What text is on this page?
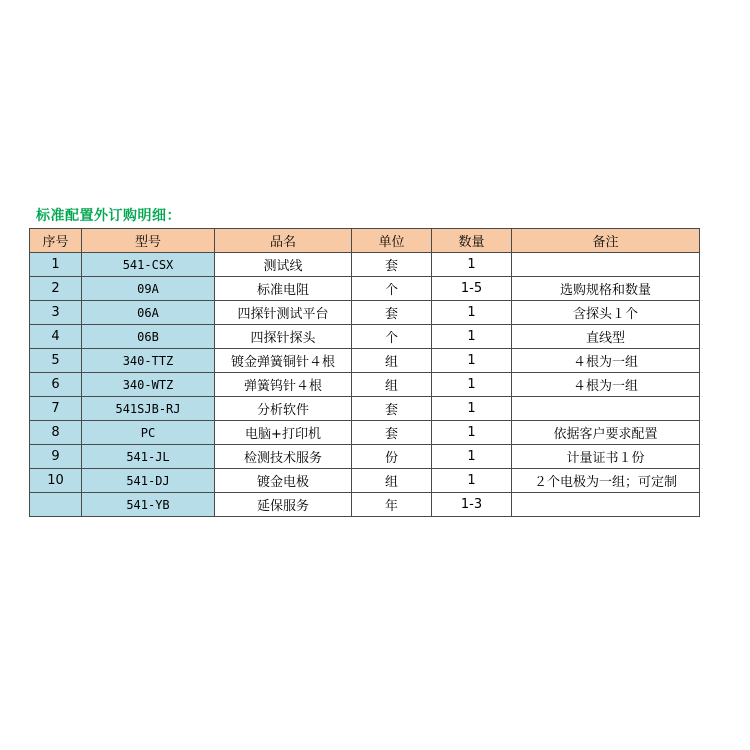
标准配置外订购明细：
序号	型号	品名	单位	数量	备注
1	541-CSX	测试线	套	1	
2	09A	标准电阻	个	1-5	选购规格和数量
3	06A	四探针测试平台	套	1	含探头１个
4	06B	四探针探头	个	1	直线型
5	340-TTZ	镀金弹簧铜针４根	组	1	４根为一组
6	340-WTZ	弹簧钨针４根	组	1	４根为一组
7	541SJB-RJ	分析软件	套	1	
8	PC	电脑+打印机	套	1	依据客户要求配置
9	541-JL	检测技术服务	份	1	计量证书１份
10	541-DJ	镀金电极	组	1	２个电极为一组；可定制
	541-YB	延保服务	年	1-3	
